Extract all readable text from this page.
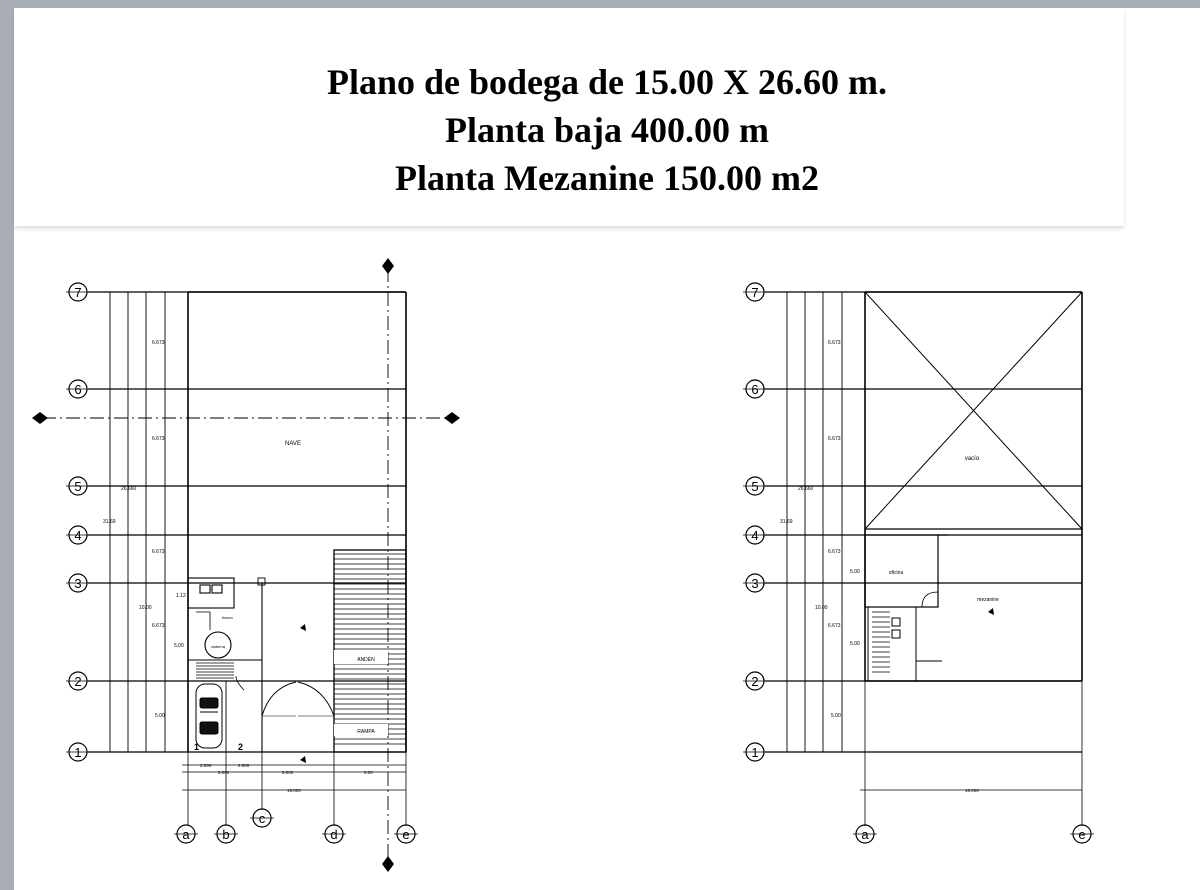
Plano de bodega de 15.00 X 26.60 m.
Planta baja 400.00 m
Planta Mezanine 150.00 m2
7
6
5
4
3
2
1
6.673
6.673
6.673
6.673
26.660
31.69
10.00
5.00
5.00
1.12
NAVE
ANDÉN
RAMPA
cisterna
tinaco
1	2
2.500	2.500
5.000	5.000	5.00
15.000
a	b
c
d	e
7
6
5
4
3
2
1
6.673
6.673
6.673
6.673
26.660
31.69
10.00
5.00
5.00
5.00
vacío
oficina
mezanine
15.000
a	e
